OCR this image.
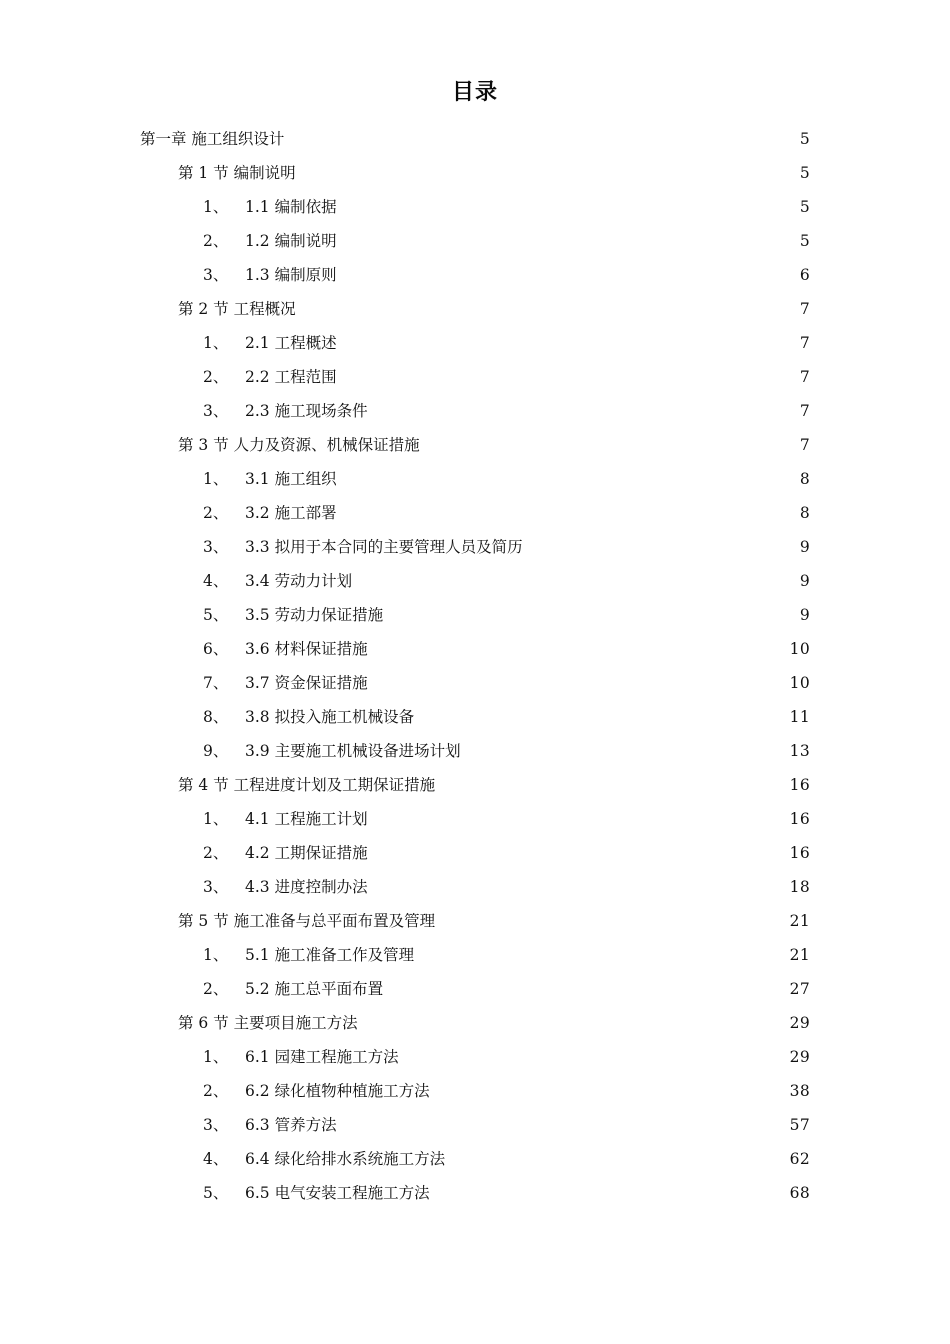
目录
第一章 施工组织设计 .....	5
第 1 节 编制说明 .....	5
1、	1.1 编制依据 .....	5
2、	1.2 编制说明 .....	5
3、	1.3 编制原则 .....	6
第 2 节 工程概况 .....	7
1、	2.1 工程概述 .....	7
2、	2.2 工程范围 .....	7
3、	2.3 施工现场条件 .....	7
第 3 节 人力及资源、机械保证措施 .....	7
1、	3.1 施工组织 .....	8
2、	3.2 施工部署 .....	8
3、	3.3 拟用于本合同的主要管理人员及简历 .....	9
4、	3.4 劳动力计划 .....	9
5、	3.5 劳动力保证措施 .....	9
6、	3.6 材料保证措施 .....	10
7、	3.7 资金保证措施 .....	10
8、	3.8 拟投入施工机械设备 .....	11
9、	3.9 主要施工机械设备进场计划 .....	13
第 4 节 工程进度计划及工期保证措施 .....	16
1、	4.1 工程施工计划 .....	16
2、	4.2 工期保证措施 .....	16
3、	4.3 进度控制办法 .....	18
第 5 节 施工准备与总平面布置及管理 .....	21
1、	5.1 施工准备工作及管理 .....	21
2、	5.2 施工总平面布置 .....	27
第 6 节 主要项目施工方法 .....	29
1、	6.1 园建工程施工方法 .....	29
2、	6.2 绿化植物种植施工方法 .....	38
3、	6.3 管养方法 .....	57
4、	6.4 绿化给排水系统施工方法 .....	62
5、	6.5 电气安装工程施工方法 .....	68
